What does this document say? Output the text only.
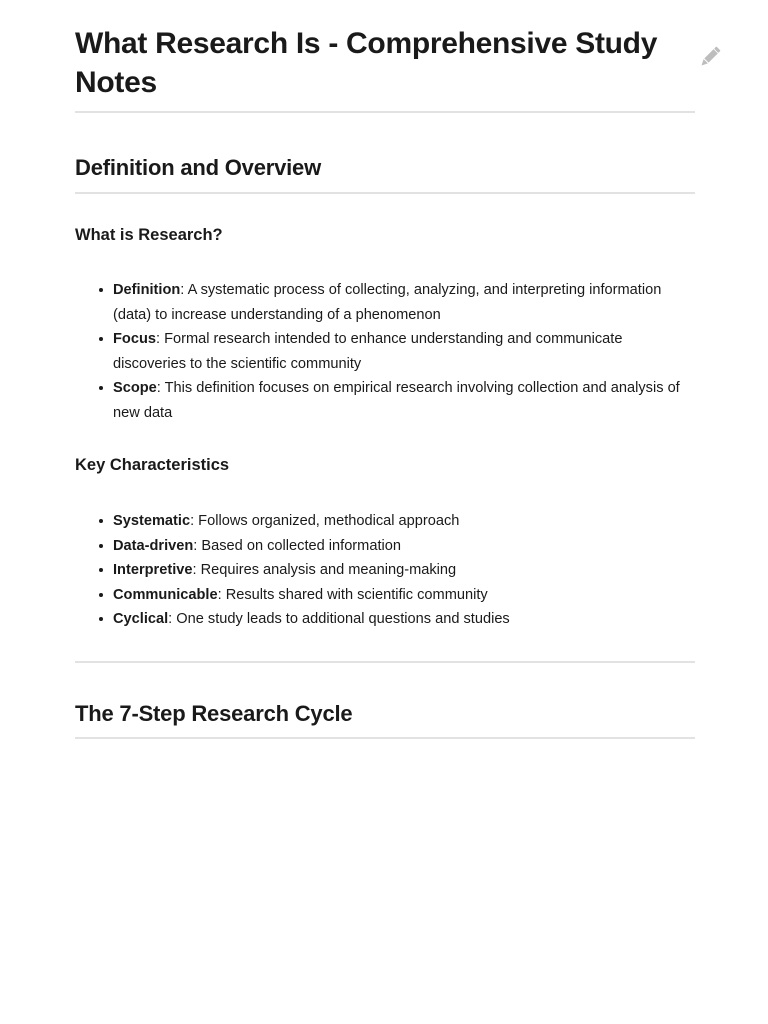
What Research Is - Comprehensive Study Notes
Definition and Overview
What is Research?
Definition: A systematic process of collecting, analyzing, and interpreting information (data) to increase understanding of a phenomenon
Focus: Formal research intended to enhance understanding and communicate discoveries to the scientific community
Scope: This definition focuses on empirical research involving collection and analysis of new data
Key Characteristics
Systematic: Follows organized, methodical approach
Data-driven: Based on collected information
Interpretive: Requires analysis and meaning-making
Communicable: Results shared with scientific community
Cyclical: One study leads to additional questions and studies
The 7-Step Research Cycle
